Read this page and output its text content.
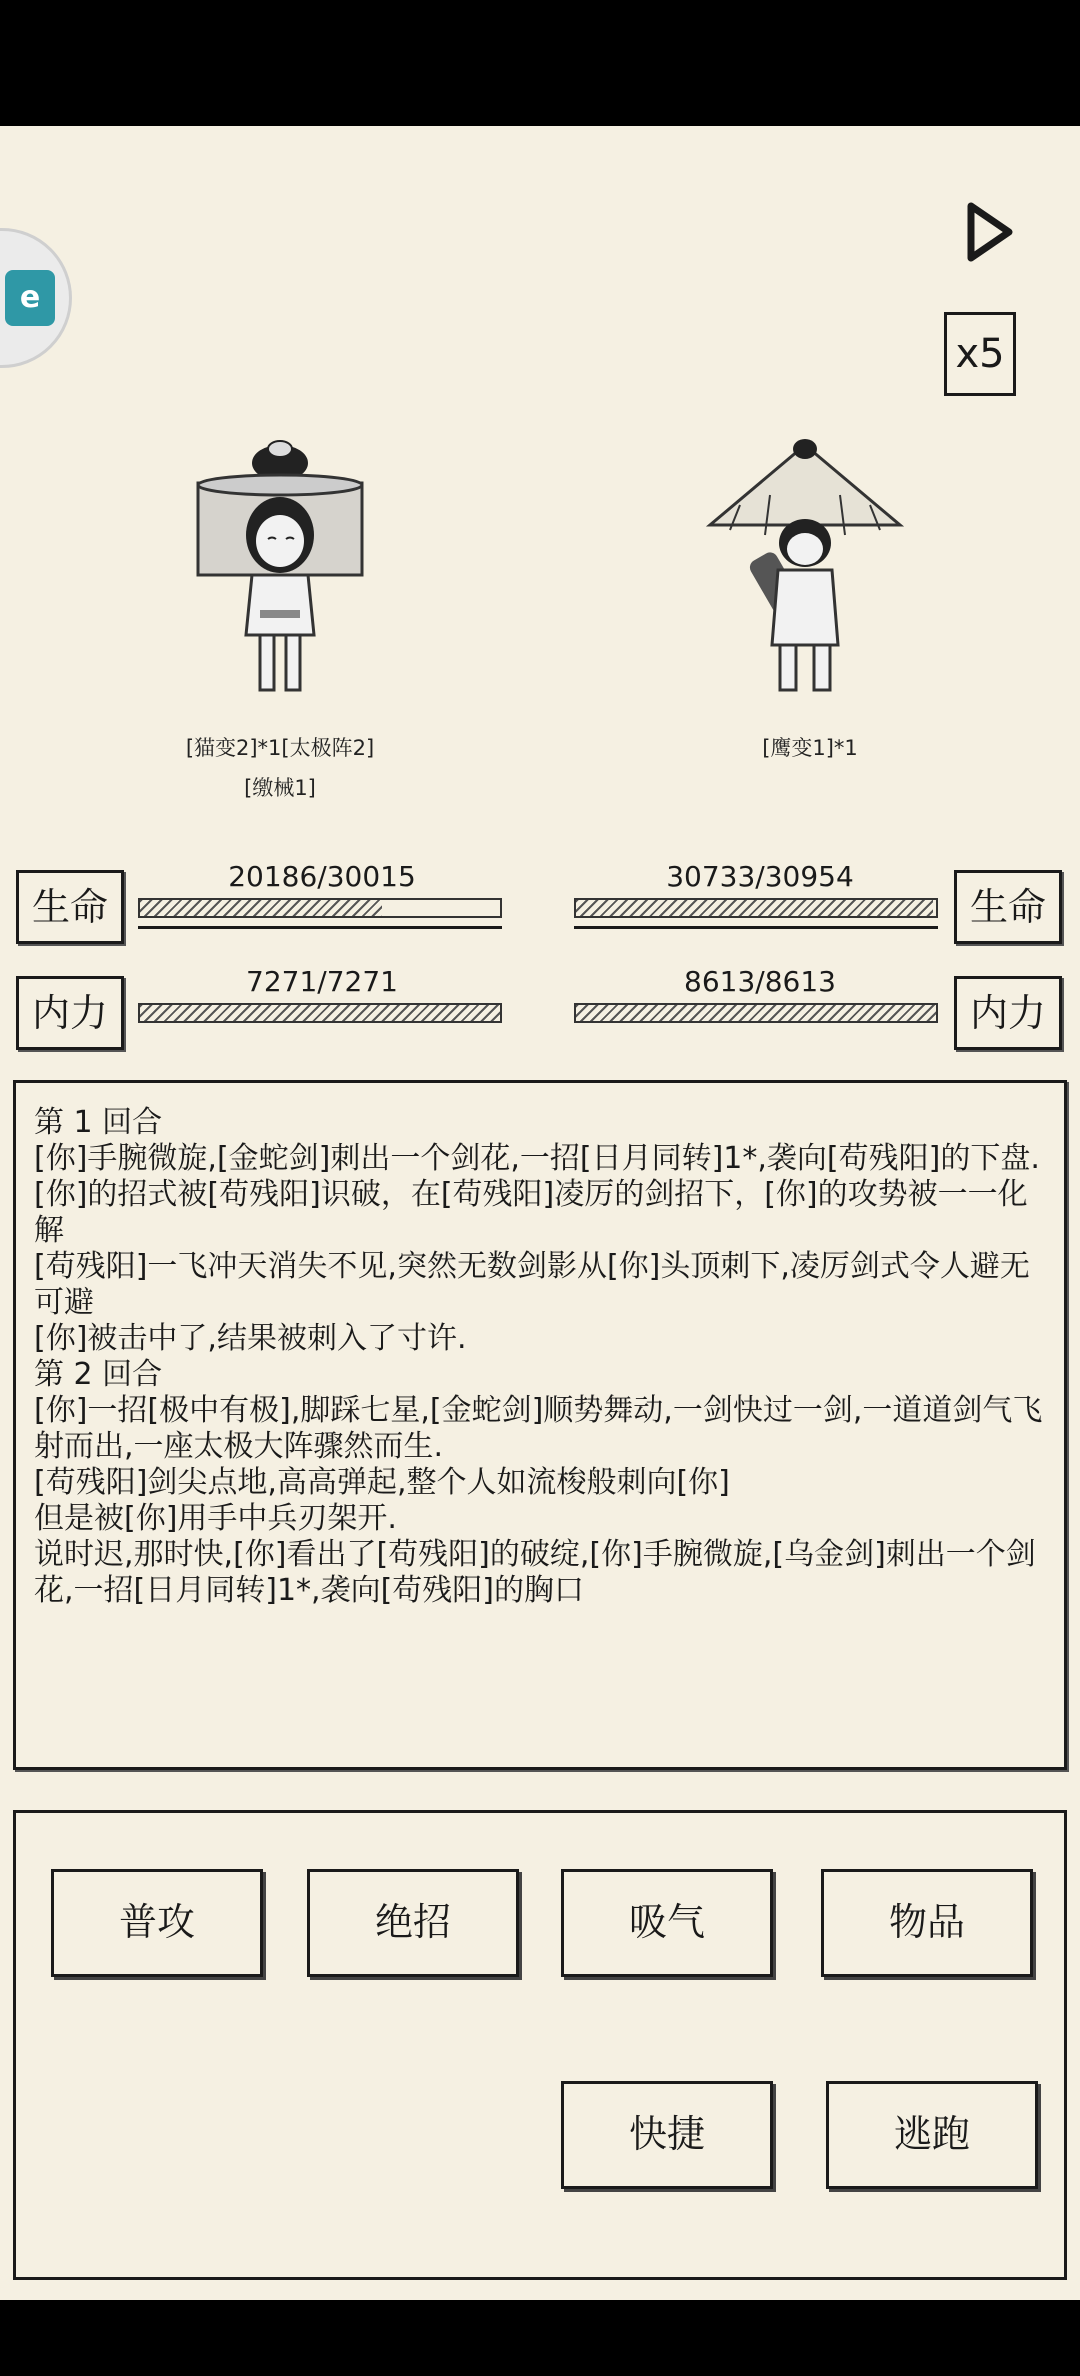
e
x5
[猫变2]*1[太极阵2]
[缴械1]
[鹰变1]*1
生命
20186/30015	30733/30954
生命
内力
7271/7271	8613/8613
内力
第 1 回合
[你]手腕微旋,[金蛇剑]刺出一个剑花,一招[日月同转]1*,袭向[苟残阳]的下盘.
[你]的招式被[苟残阳]识破，在[苟残阳]凌厉的剑招下，[你]的攻势被一一化解
[苟残阳]一飞冲天消失不见,突然无数剑影从[你]头顶刺下,凌厉剑式令人避无可避
[你]被击中了,结果被刺入了寸许.
第 2 回合
[你]一招[极中有极],脚踩七星,[金蛇剑]顺势舞动,一剑快过一剑,一道道剑气飞射而出,一座太极大阵骤然而生.
[苟残阳]剑尖点地,高高弹起,整个人如流梭般刺向[你]
但是被[你]用手中兵刃架开.
说时迟,那时快,[你]看出了[苟残阳]的破绽,[你]手腕微旋,[乌金剑]刺出一个剑花,一招[日月同转]1*,袭向[苟残阳]的胸口
普攻	绝招	吸气	物品
快捷	逃跑
